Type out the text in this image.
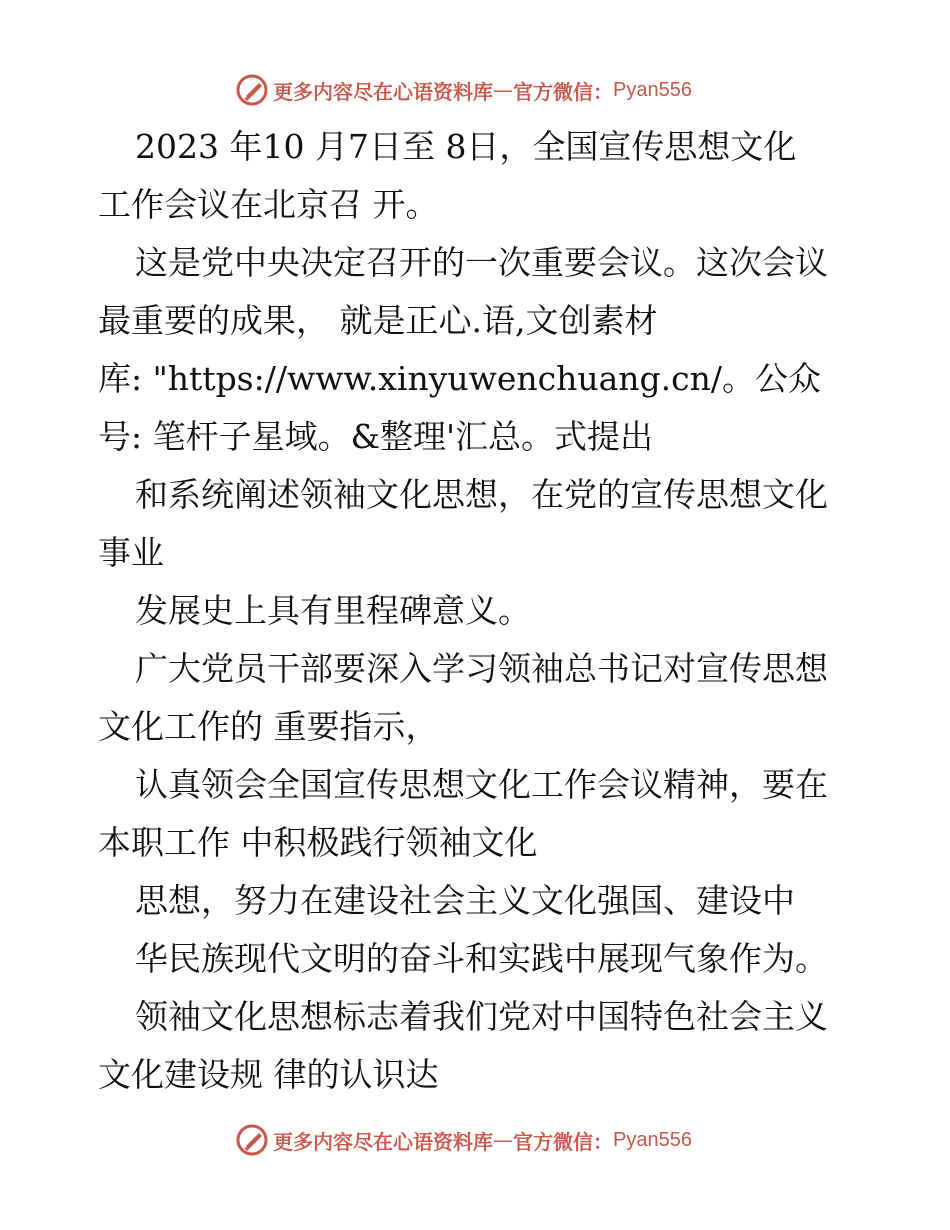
更多内容尽在心语资料库 — 官方微信： Pyan556
2023 年10 月7日至 8日，全国宣传思想文化
工作会议在北京召 开。
这是党中央决定召开的一次重要会议。这次会议
最重要的成果， 就是正心.语,文创素材
库: "https://www.xinyuwenchuang.cn/。公众
号: 笔杆子星域。&整理'汇总。式提出
和系统阐述领袖文化思想，在党的宣传思想文化
事业
发展史上具有里程碑意义。
广大党员干部要深入学习领袖总书记对宣传思想
文化工作的 重要指示，
认真领会全国宣传思想文化工作会议精神，要在
本职工作 中积极践行领袖文化
思想，努力在建设社会主义文化强国、建设中
华民族现代文明的奋斗和实践中展现气象作为。
领袖文化思想标志着我们党对中国特色社会主义
文化建设规 律的认识达
更多内容尽在心语资料库 — 官方微信： Pyan556
